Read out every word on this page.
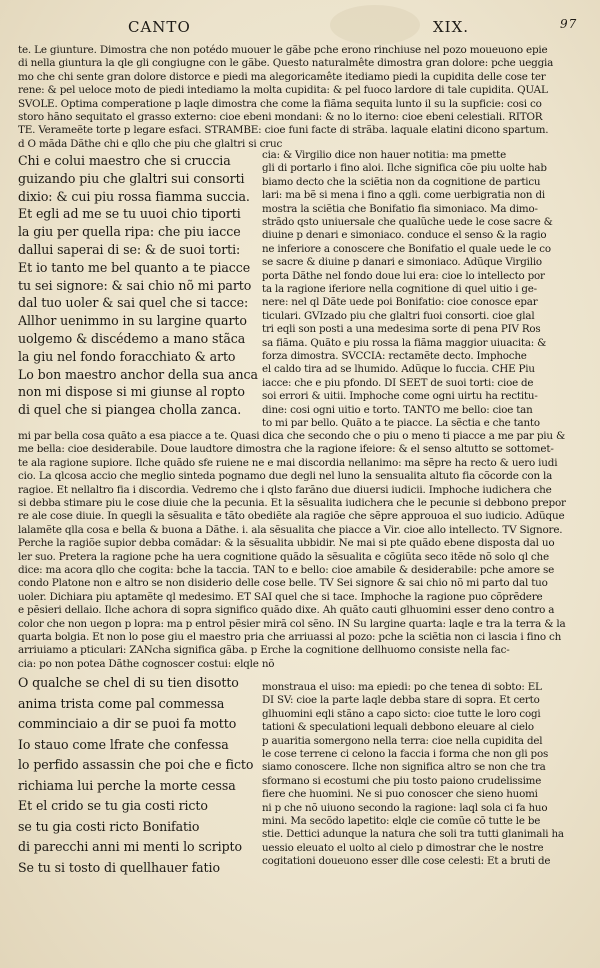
CANTO	XIX.	97
te. Le giunture. Dimostra che non potédo muouer le gãbe pche erono rinchiuse nel pozo moueuono epie
di nella giuntura la qle gli congiugne con le gãbe. Questo naturalmête dimostra gran dolore: pche ueggia
mo che chi sente gran dolore distorce e piedi ma alegoricamête itediamo piedi la cupidita delle cose ter
rene: & pel ueloce moto de piedi intediamo la molta cupidita: & pel fuoco lardore di tale cupidita. QUAL
SVOLE. Optima comperatione p laqle dimostra che come la fiãma sequita lunto il su la supficie: cosi co
storo hãno sequitato el grasso externo: cioe ebeni mondani: & no lo iterno: cioe ebeni celestiali. RITOR
TE. Verameẽte torte p legare esfaci. STRAMBE: cioe funi facte di strãba. laquale elatini dicono spartum.
d O mãda Dãthe chi e qllo che piu che glaltri si cruc
Chi e colui maestro che si cruccia
guizando piu che glaltri sui consorti
dixio: & cui piu rossa fiamma succia.
Et egli ad me se tu uuoi chio tiporti
la giu per quella ripa: che piu iacce
dallui saperai di se: & de suoi torti:
Et io tanto me bel quanto a te piacce
tu sei signore: & sai chio nõ mi parto
dal tuo uoler & sai quel che si tacce:
Allhor uenimmo in su largine quarto
uolgemo & discédemo a mano stãca
la giu nel fondo foracchiato & arto
Lo bon maestro anchor della sua anca
non mi dispose si mi giunse al ropto
di quel che si piangea cholla zanca.
cia: & Virgilio dice non hauer notitia: ma pmette
gli di portarlo i fino aloi. Ilche significa cõe piu uolte hab
biamo decto che la sciẽtia non da cognitione de particu
lari: ma bẽ si mena i fino a qgli. come uerbigratia non di
mostra la sciẽtia che Bonifatio fia simoniaco. Ma dimo-
strãdo qsto uniuersale che qualũche uede le cose sacre &
diuine p denari e simoniaco. conduce el senso & la ragio
ne inferiore a conoscere che Bonifatio el quale uede le co
se sacre & diuine p danari e simoniaco. Adũque Virgilio
porta Dãthe nel fondo doue lui era: cioe lo intellecto por
ta la ragione iferiore nella cognitione di quel uitio i ge-
nere: nel ql Dãte uede poi Bonifatio: cioe conosce epar
ticulari. GVIzado piu che glaltri fuoi consorti. cioe glal
tri eqli son posti a una medesima sorte di pena PIV Ros
sa fiãma. Quãto e piu rossa la fiãma maggior uiuacita: &
forza dimostra. SVCCIA: rectamẽte decto. Imphoche
el caldo tira ad se lhumido. Adũque lo fuccia. CHE Piu
iacce: che e piu pfondo. DI SEET de suoi torti: cioe de
soi errori & uitii. Imphoche come ogni uirtu ha rectitu-
dine: cosi ogni uitio e torto. TANTO me bello: cioe tan
to mi par bello. Quãto a te piacce. La sẽctia e che tanto
mi par bella cosa quãto a esa piacce a te. Quasi dica che secondo che o piu o meno ti piacce a me par piu &
me bella: cioe desiderabile. Doue laudtore dimostra che la ragione ifeiore: & el senso altutto se sottomet-
te ala ragione supiore. Ilche quãdo sfe ruiene ne e mai discordia nellanimo: ma sẽpre ha recto & uero iudi
cio. La qlcosa accio che meglio sinteda pognamo due degli nel luno la sensualita altuto fia cõcorde con la
ragioe. Et nellaltro fia i discordia. Vedremo che i qlsto farãno due diuersi iudicii. Imphoche iudichera che
si debba stimare piu le cose diuie che la pecunia. Et la sẽsualita iudichera che le pecunie si debbono prepor
re ale cose diuie. In quegli la sẽsualita e tãto obediẽte ala ragiõe che sẽpre approuoa el suo iudicio. Adũque
lalamẽte qlla cosa e bella & buona a Dãthe. i. ala sẽsualita che piacce a Vir. cioe allo intellecto. TV Signore.
Perche la ragiõe supior debba comãdar: & la sẽsualita ubbidir. Ne mai si pte quãdo ebene disposta dal uo
ler suo. Pretera la ragione pche ha uera cognitione quãdo la sẽsualita e cõgiũta seco itẽde nõ solo ql che
dice: ma acora qllo che cogita: bche la taccia. TAN to e bello: cioe amabile & desiderabile: pche amore se
condo Platone non e altro se non disiderio delle cose belle. TV Sei signore & sai chio nõ mi parto dal tuo
uoler. Dichiara piu aptamẽte ql medesimo. ET SAI quel che si tace. Imphoche la ragione puo cõprẽdere
e pẽsieri dellaio. Ilche achora di sopra significo quãdo dixe. Ah quãto cauti glhuomini esser deno contro a
color che non uegon p lopra: ma p entrol pẽsier mirã col sẽno. IN Su largine quarta: laqle e tra la terra & la
quarta bolgia. Et non lo pose giu el maestro pria che arriuassi al pozo: pche la sciẽtia non ci lascia i fino ch
arriuiamo a pticulari: ZANcha significa gãba. p Erche la cognitione dellhuomo consiste nella fac-
cia: po non potea Dãthe cognoscer costui: elqle nõ
O qualche se chel di su tien disotto
anima trista come pal commessa
comminciaio a dir se puoi fa motto
Io stauo come lfrate che confessa
lo perfido assassin che poi che e ficto
richiama lui perche la morte cessa
Et el crido se tu gia costi ricto
se tu gia costi ricto Bonifatio
di parecchi anni mi menti lo scripto
Se tu si tosto di quellhauer fatio
monstraua el uiso: ma epiedi: po che tenea di sobto: EL
DI SV: cioe la parte laqle debba stare di sopra. Et certo
glhuomini eqli stãno a capo sicto: cioe tutte le loro cogi
tationi & speculationi lequali debbono eleuare al cielo
p auaritia somergono nella terra: cioe nella cupidita del
le cose terrene ci celono la faccia i forma che non gli pos
siamo conoscere. Ilche non significa altro se non che tra
sformano si ecostumi che piu tosto paiono crudelissime
fiere che huomini. Ne si puo conoscer che sieno huomi
ni p che nõ uiuono secondo la ragione: laql sola ci fa huo
mini. Ma secõdo lapetito: elqle cie comũe cõ tutte le be
stie. Dettici adunque la natura che soli tra tutti glanimali ha
uessio eleuato el uolto al cielo p dimostrar che le nostre
cogitationi doueuono esser dlle cose celesti: Et a bruti de
